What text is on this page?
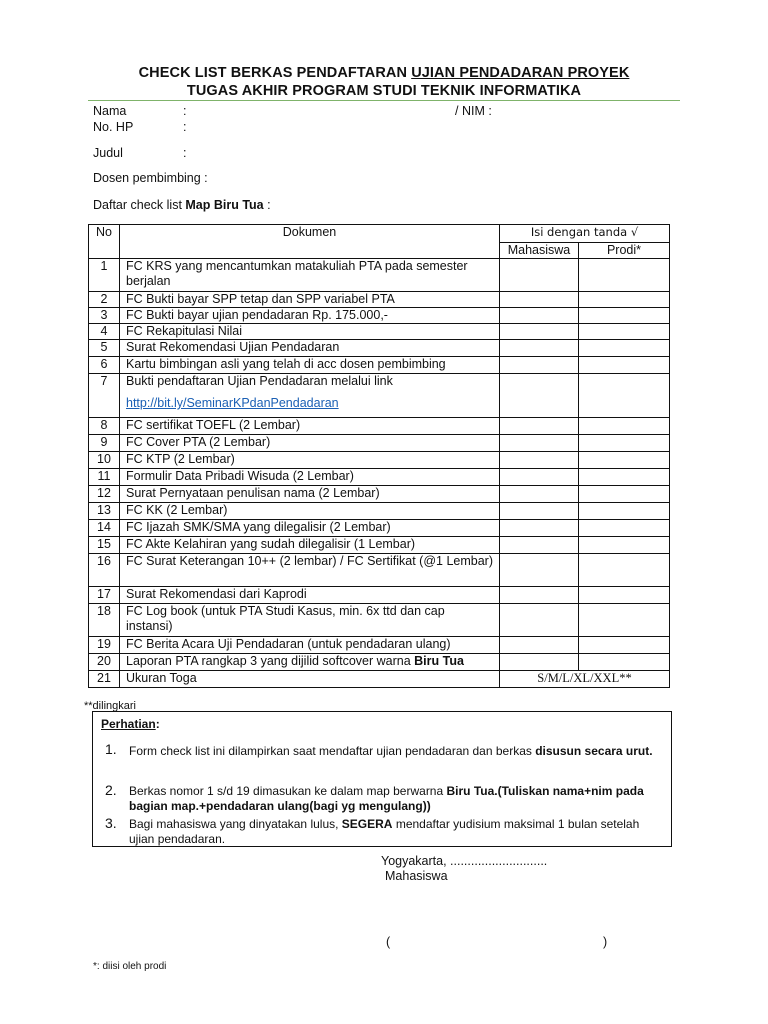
CHECK LIST BERKAS PENDAFTARAN UJIAN PENDADARAN PROYEK
TUGAS AKHIR PROGRAM STUDI TEKNIK INFORMATIKA
Nama	:	/ NIM :
No. HP	:
Judul	:
Dosen pembimbing :
Daftar check list Map Biru Tua :
No	Dokumen	Isi dengan tanda √	
		Mahasiswa	Prodi*
1	FC KRS yang mencantumkan matakuliah PTA pada semester berjalan		
2	FC Bukti bayar SPP tetap dan SPP variabel PTA		
3	FC Bukti bayar ujian pendadaran Rp. 175.000,-		
4	FC Rekapitulasi Nilai		
5	Surat Rekomendasi Ujian Pendadaran		
6	Kartu bimbingan asli yang telah di acc dosen pembimbing		
7	Bukti pendaftaran Ujian Pendadaran melalui link
http://bit.ly/SeminarKPdanPendadaran		

8	FC sertifikat TOEFL (2 Lembar)		
9	FC Cover PTA (2 Lembar)		
10	FC KTP (2 Lembar)		
11	Formulir Data Pribadi Wisuda (2 Lembar)		
12	Surat Pernyataan penulisan nama (2 Lembar)		
13	FC KK (2 Lembar)		
14	FC Ijazah SMK/SMA yang dilegalisir (2 Lembar)		
15	FC Akte Kelahiran yang sudah dilegalisir (1 Lembar)		
16	FC Surat Keterangan 10++ (2 lembar) / FC Sertifikat (@1 Lembar)		
17	Surat Rekomendasi dari Kaprodi		
18	FC Log book (untuk PTA Studi Kasus, min. 6x ttd dan cap instansi)		
19	FC Berita Acara Uji Pendadaran (untuk pendadaran ulang)		
20	Laporan PTA rangkap 3 yang dijilid softcover warna Biru Tua		
21	Ukuran Toga	S/M/L/XL/XXL**	
**dilingkari
Perhatian:
1. Form check list ini dilampirkan saat mendaftar ujian pendadaran dan berkas disusun secara urut.
2. Berkas nomor 1 s/d 19 dimasukan ke dalam map berwarna Biru Tua.(Tuliskan nama+nim pada bagian map.+pendadaran ulang(bagi yg mengulang))
3. Bagi mahasiswa yang dinyatakan lulus, SEGERA mendaftar yudisium maksimal 1 bulan setelah ujian pendadaran.
Yogyakarta, ............................
Mahasiswa
(	)
*: diisi oleh prodi
